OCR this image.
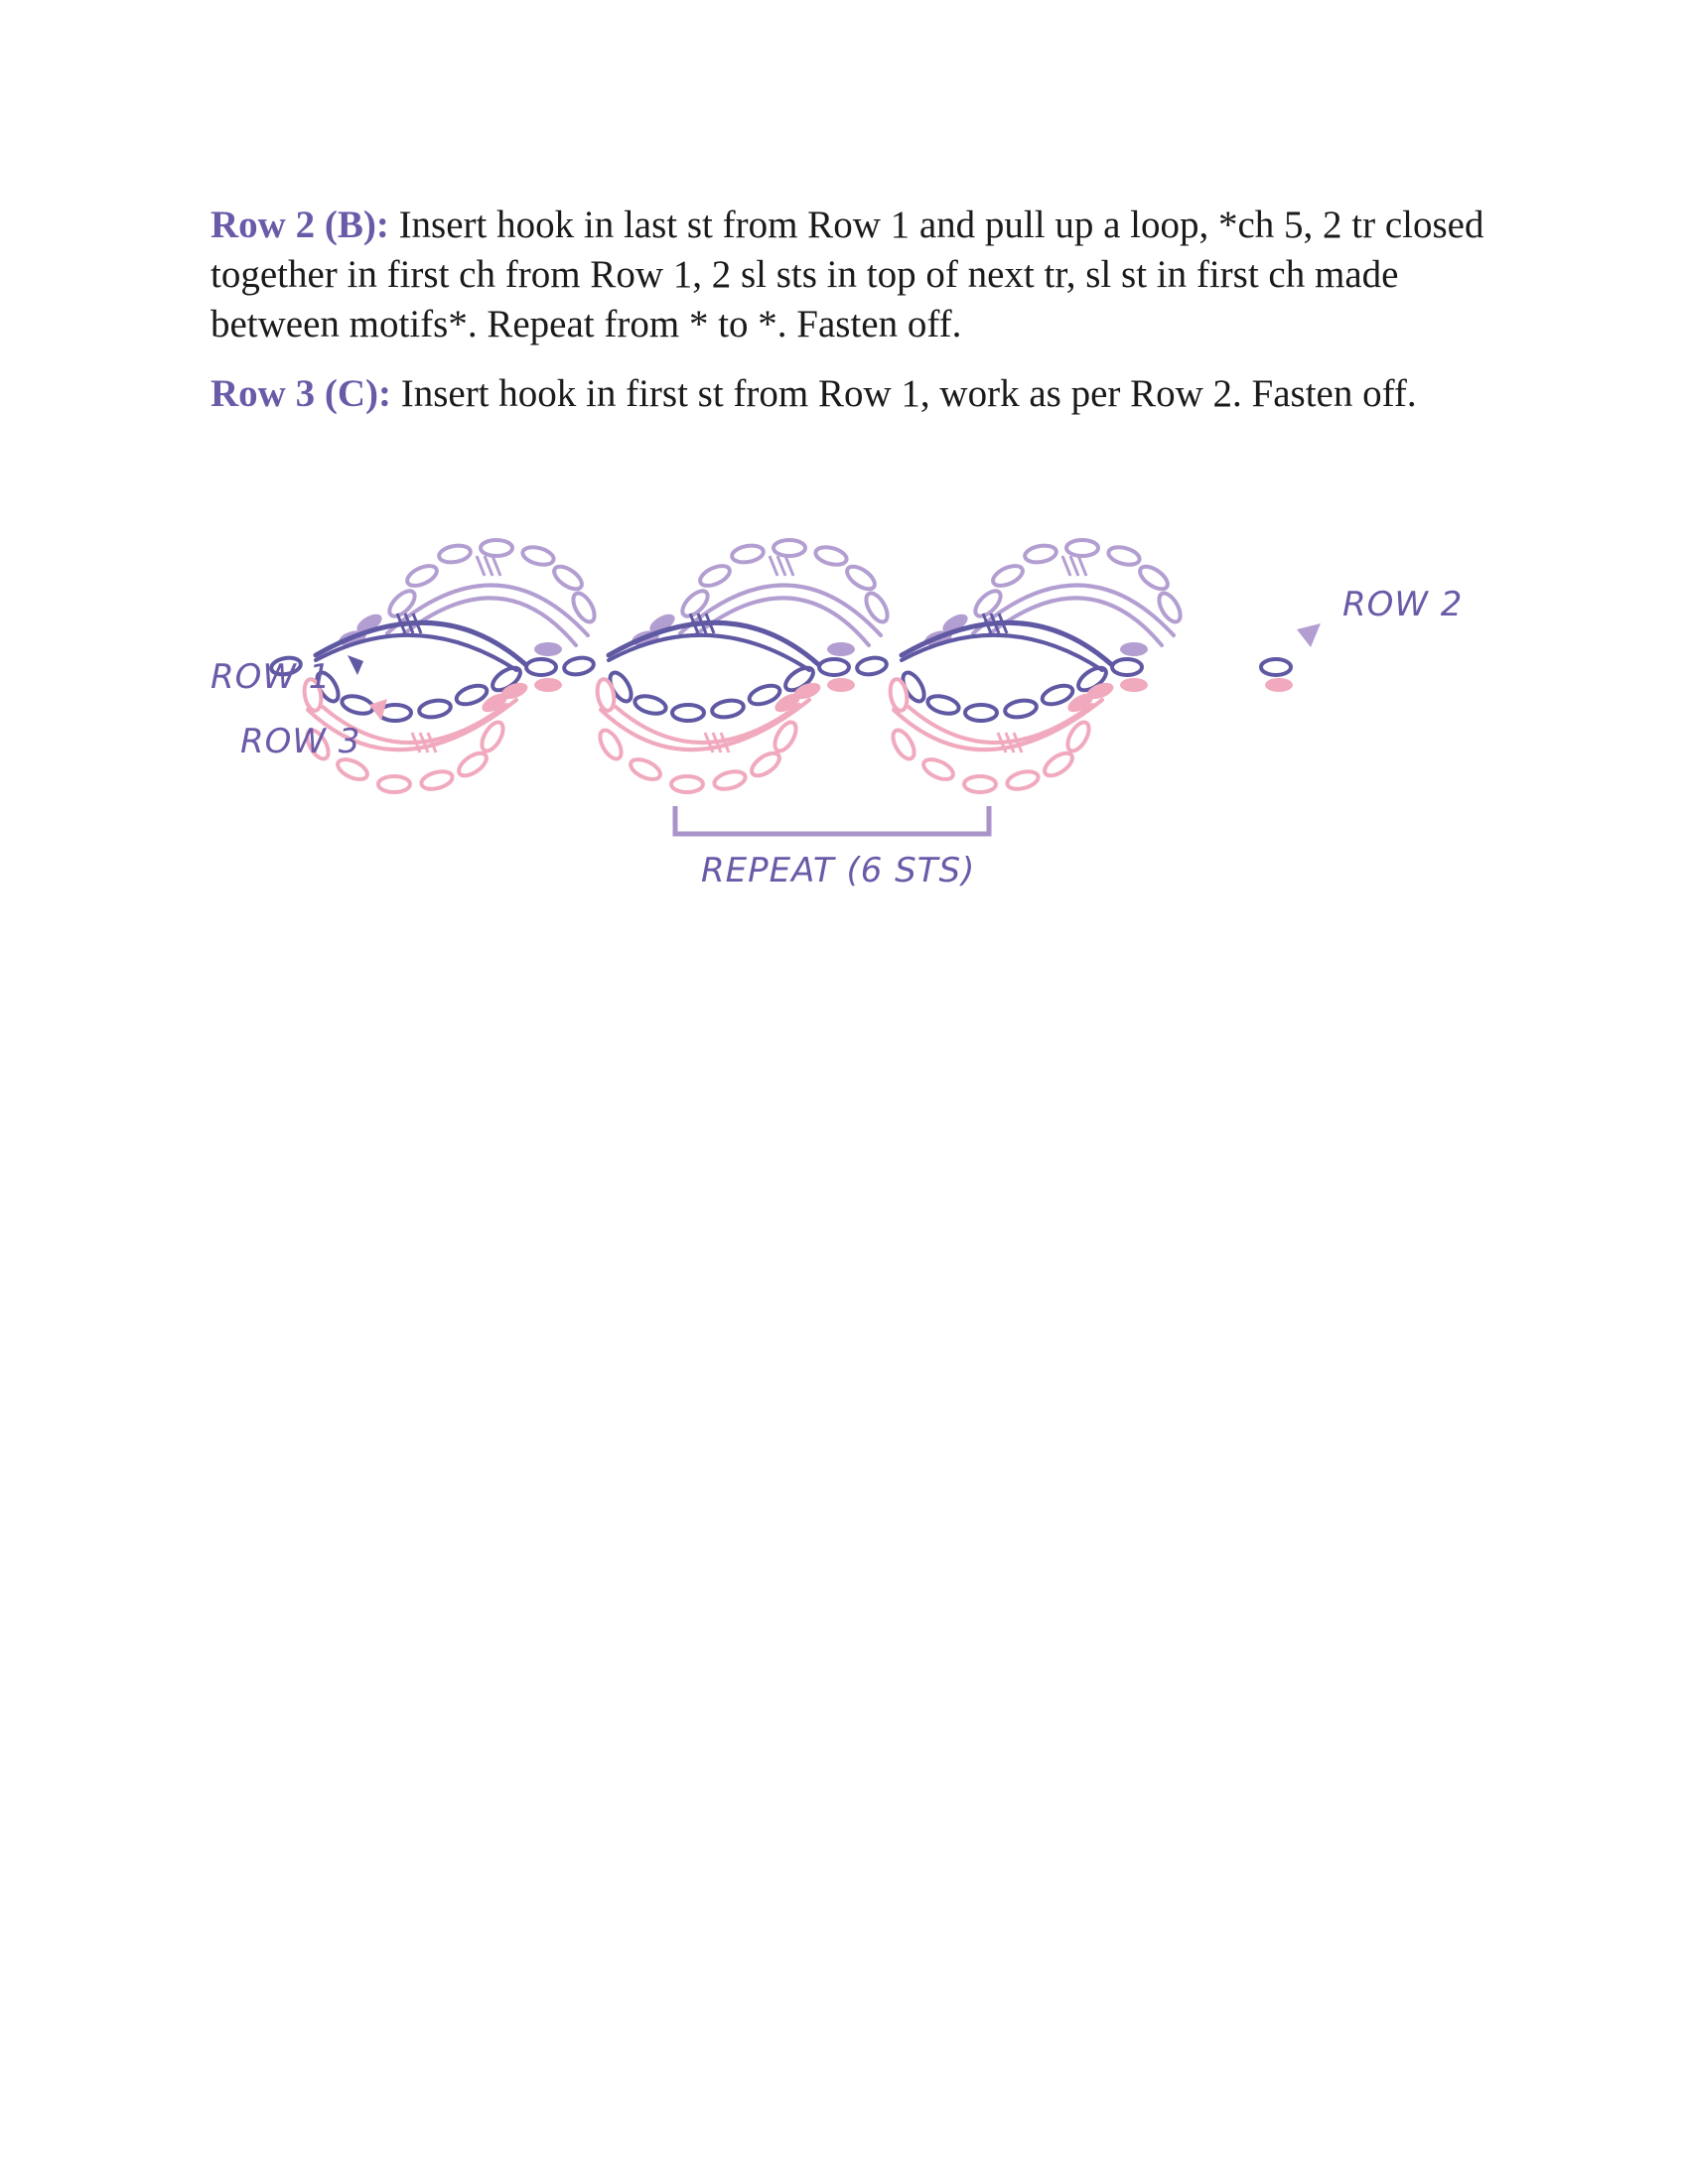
Row 2 (B): Insert hook in last st from Row 1 and pull up a loop, *ch 5, 2 tr closed together in first ch from Row 1, 2 sl sts in top of next tr, sl st in first ch made between motifs*. Repeat from * to *. Fasten off.

Row 3 (C): Insert hook in first st from Row 1, work as per Row 2. Fasten off.

ROW 1
ROW 3
ROW 2
REPEAT (6 STS)
